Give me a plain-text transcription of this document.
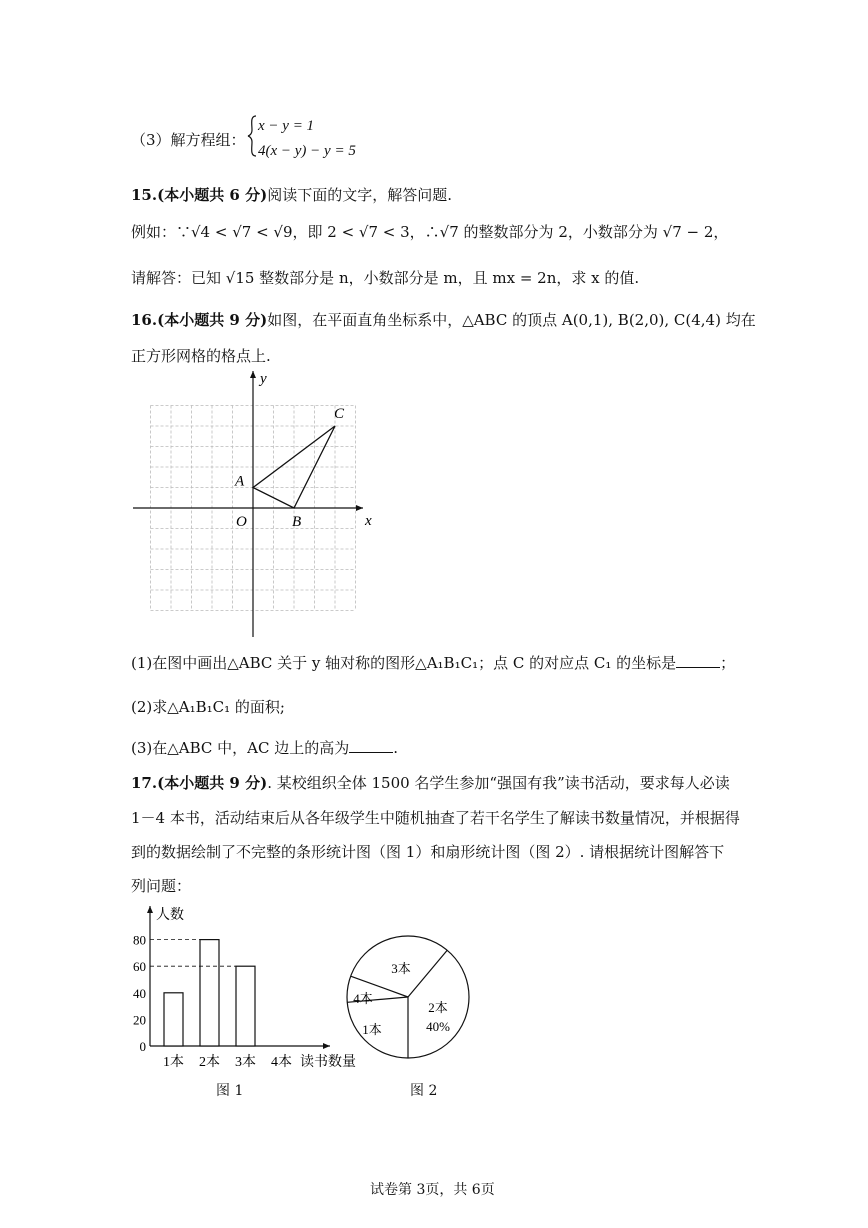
（3）解方程组：
x − y = 1
4(x − y) − y = 5
15.(本小题共 6 分)阅读下面的文字，解答问题.
例如：∵√4 < √7 < √9，即 2 < √7 < 3，∴√7 的整数部分为 2，小数部分为 √7 − 2，
请解答：已知 √15 整数部分是 n，小数部分是 m，且 mx = 2n，求 x 的值.
16.(本小题共 9 分)如图，在平面直角坐标系中，△ABC 的顶点 A(0,1), B(2,0), C(4,4) 均在
正方形网格的格点上.
x
y
O
A
B
C
(1)在图中画出△ABC 关于 y 轴对称的图形△A₁B₁C₁；点 C 的对应点 C₁ 的坐标是	；
(2)求△A₁B₁C₁ 的面积;
(3)在△ABC 中，AC 边上的高为	.
17.(本小题共 9 分). 某校组织全体 1500 名学生参加“强国有我”读书活动，要求每人必读
1－4 本书，活动结束后从各年级学生中随机抽查了若干名学生了解读书数量情况，并根据得
到的数据绘制了不完整的条形统计图（图 1）和扇形统计图（图 2）. 请根据统计图解答下
列问题：
人数
读书数量
0
20
40
60
80
1本 2本 3本 4本
1本
2本
3本
4本
40%
图 1	图 2
试卷第 3页，共 6页
